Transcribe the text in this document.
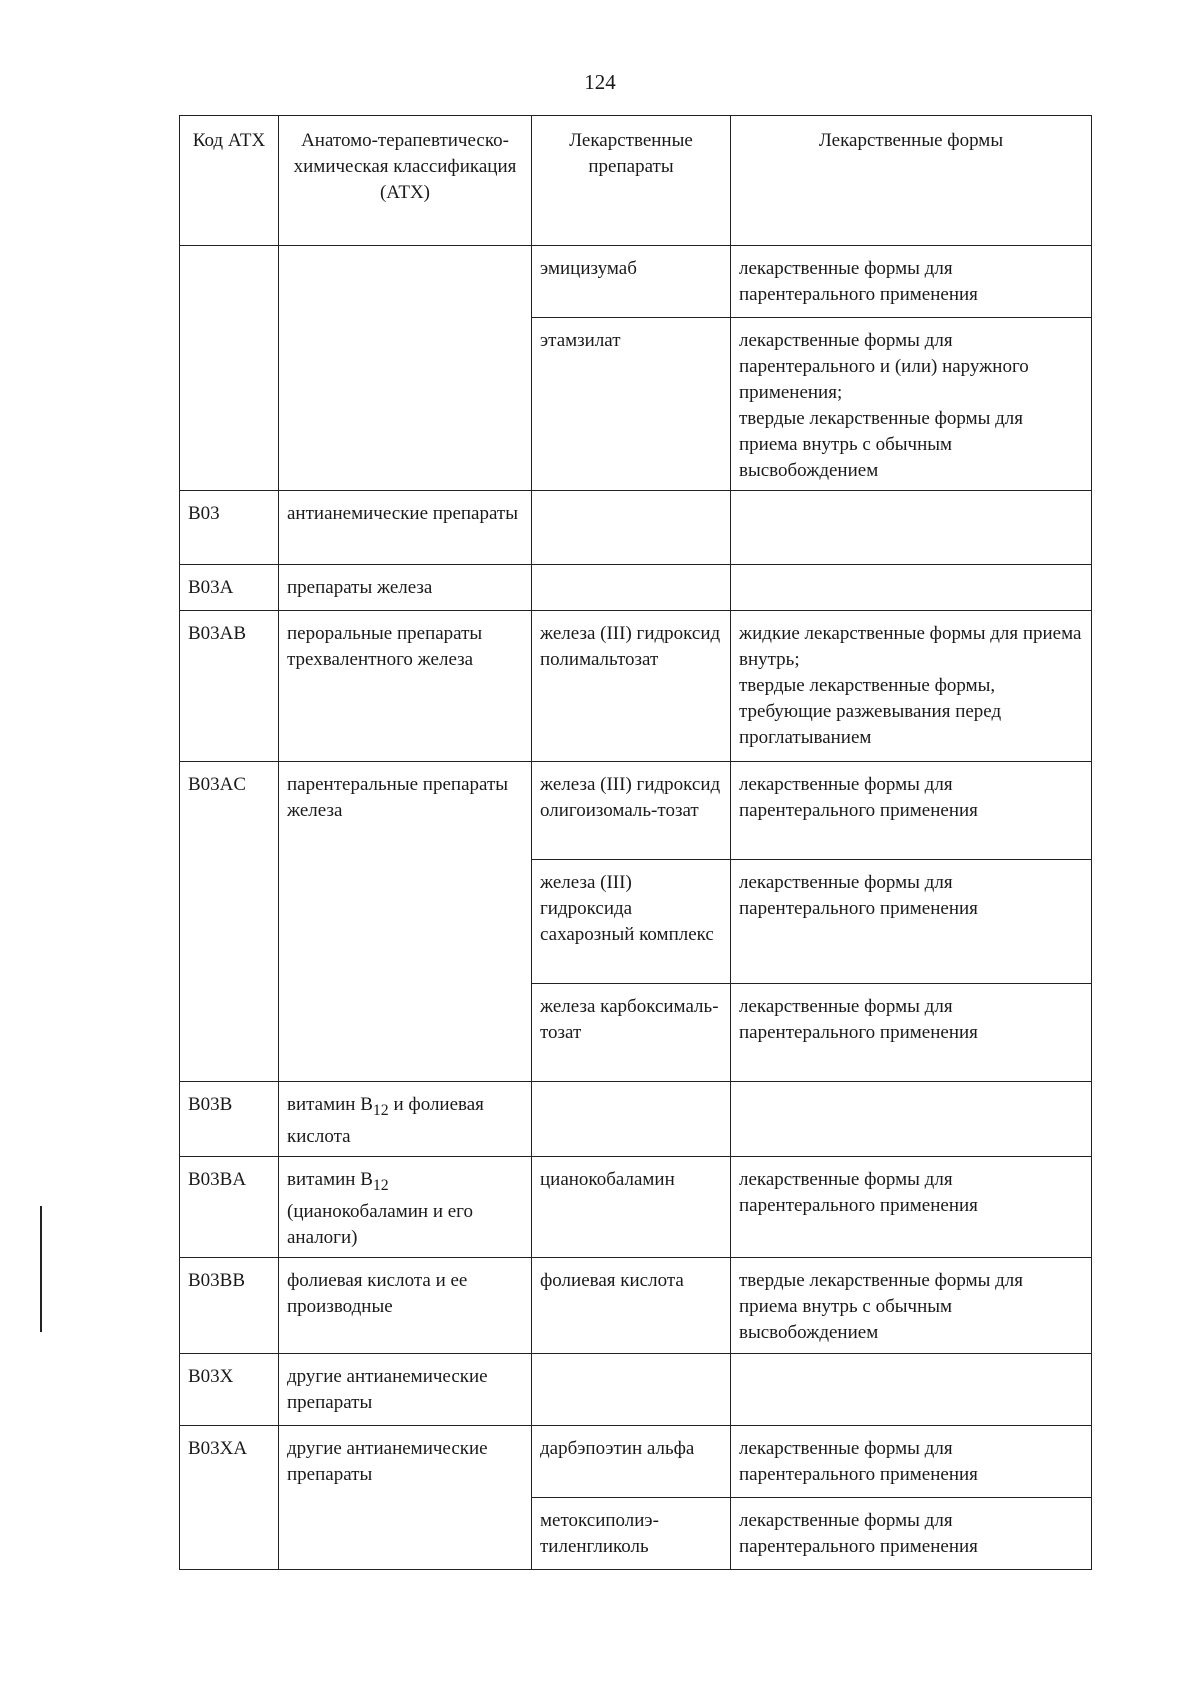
124
Код АТХ	Анатомо-терапевтическо-химическая классификация (АТХ)	Лекарственные препараты	Лекарственные формы
		эмицизумаб	лекарственные формы для парентерального применения

		этамзилат	лекарственные формы для парентерального и (или) наружного применения;
твердые лекарственные формы для приема внутрь с обычным высвобождением

B03	антианемические препараты		
B03A	препараты железа		
B03AB	пероральные препараты трехвалентного железа	железа (III) гидроксид полимальтозат	жидкие лекарственные формы для приема внутрь;
твердые лекарственные формы, требующие разжевывания перед проглатыванием

B03AC	парентеральные препараты железа	железа (III) гидроксид олигоизомаль-тозат	лекарственные формы для парентерального применения

		железа (III) гидроксида сахарозный комплекс	лекарственные формы для парентерального применения

		железа карбоксималь-тозат	лекарственные формы для парентерального применения

B03B	витамин $B_{12}$ и фолиевая кислота		
B03BA	витамин $B_{12}$ (цианокобаламин и его аналоги)	цианокобаламин	лекарственные формы для парентерального применения

B03BB	фолиевая кислота и ее производные	фолиевая кислота	твердые лекарственные формы для приема внутрь с обычным высвобождением

B03X	другие антианемические препараты		
B03XA	другие антианемические препараты	дарбэпоэтин альфа	лекарственные формы для парентерального применения

		метоксиполиэ-тиленгликоль	лекарственные формы для парентерального применения
